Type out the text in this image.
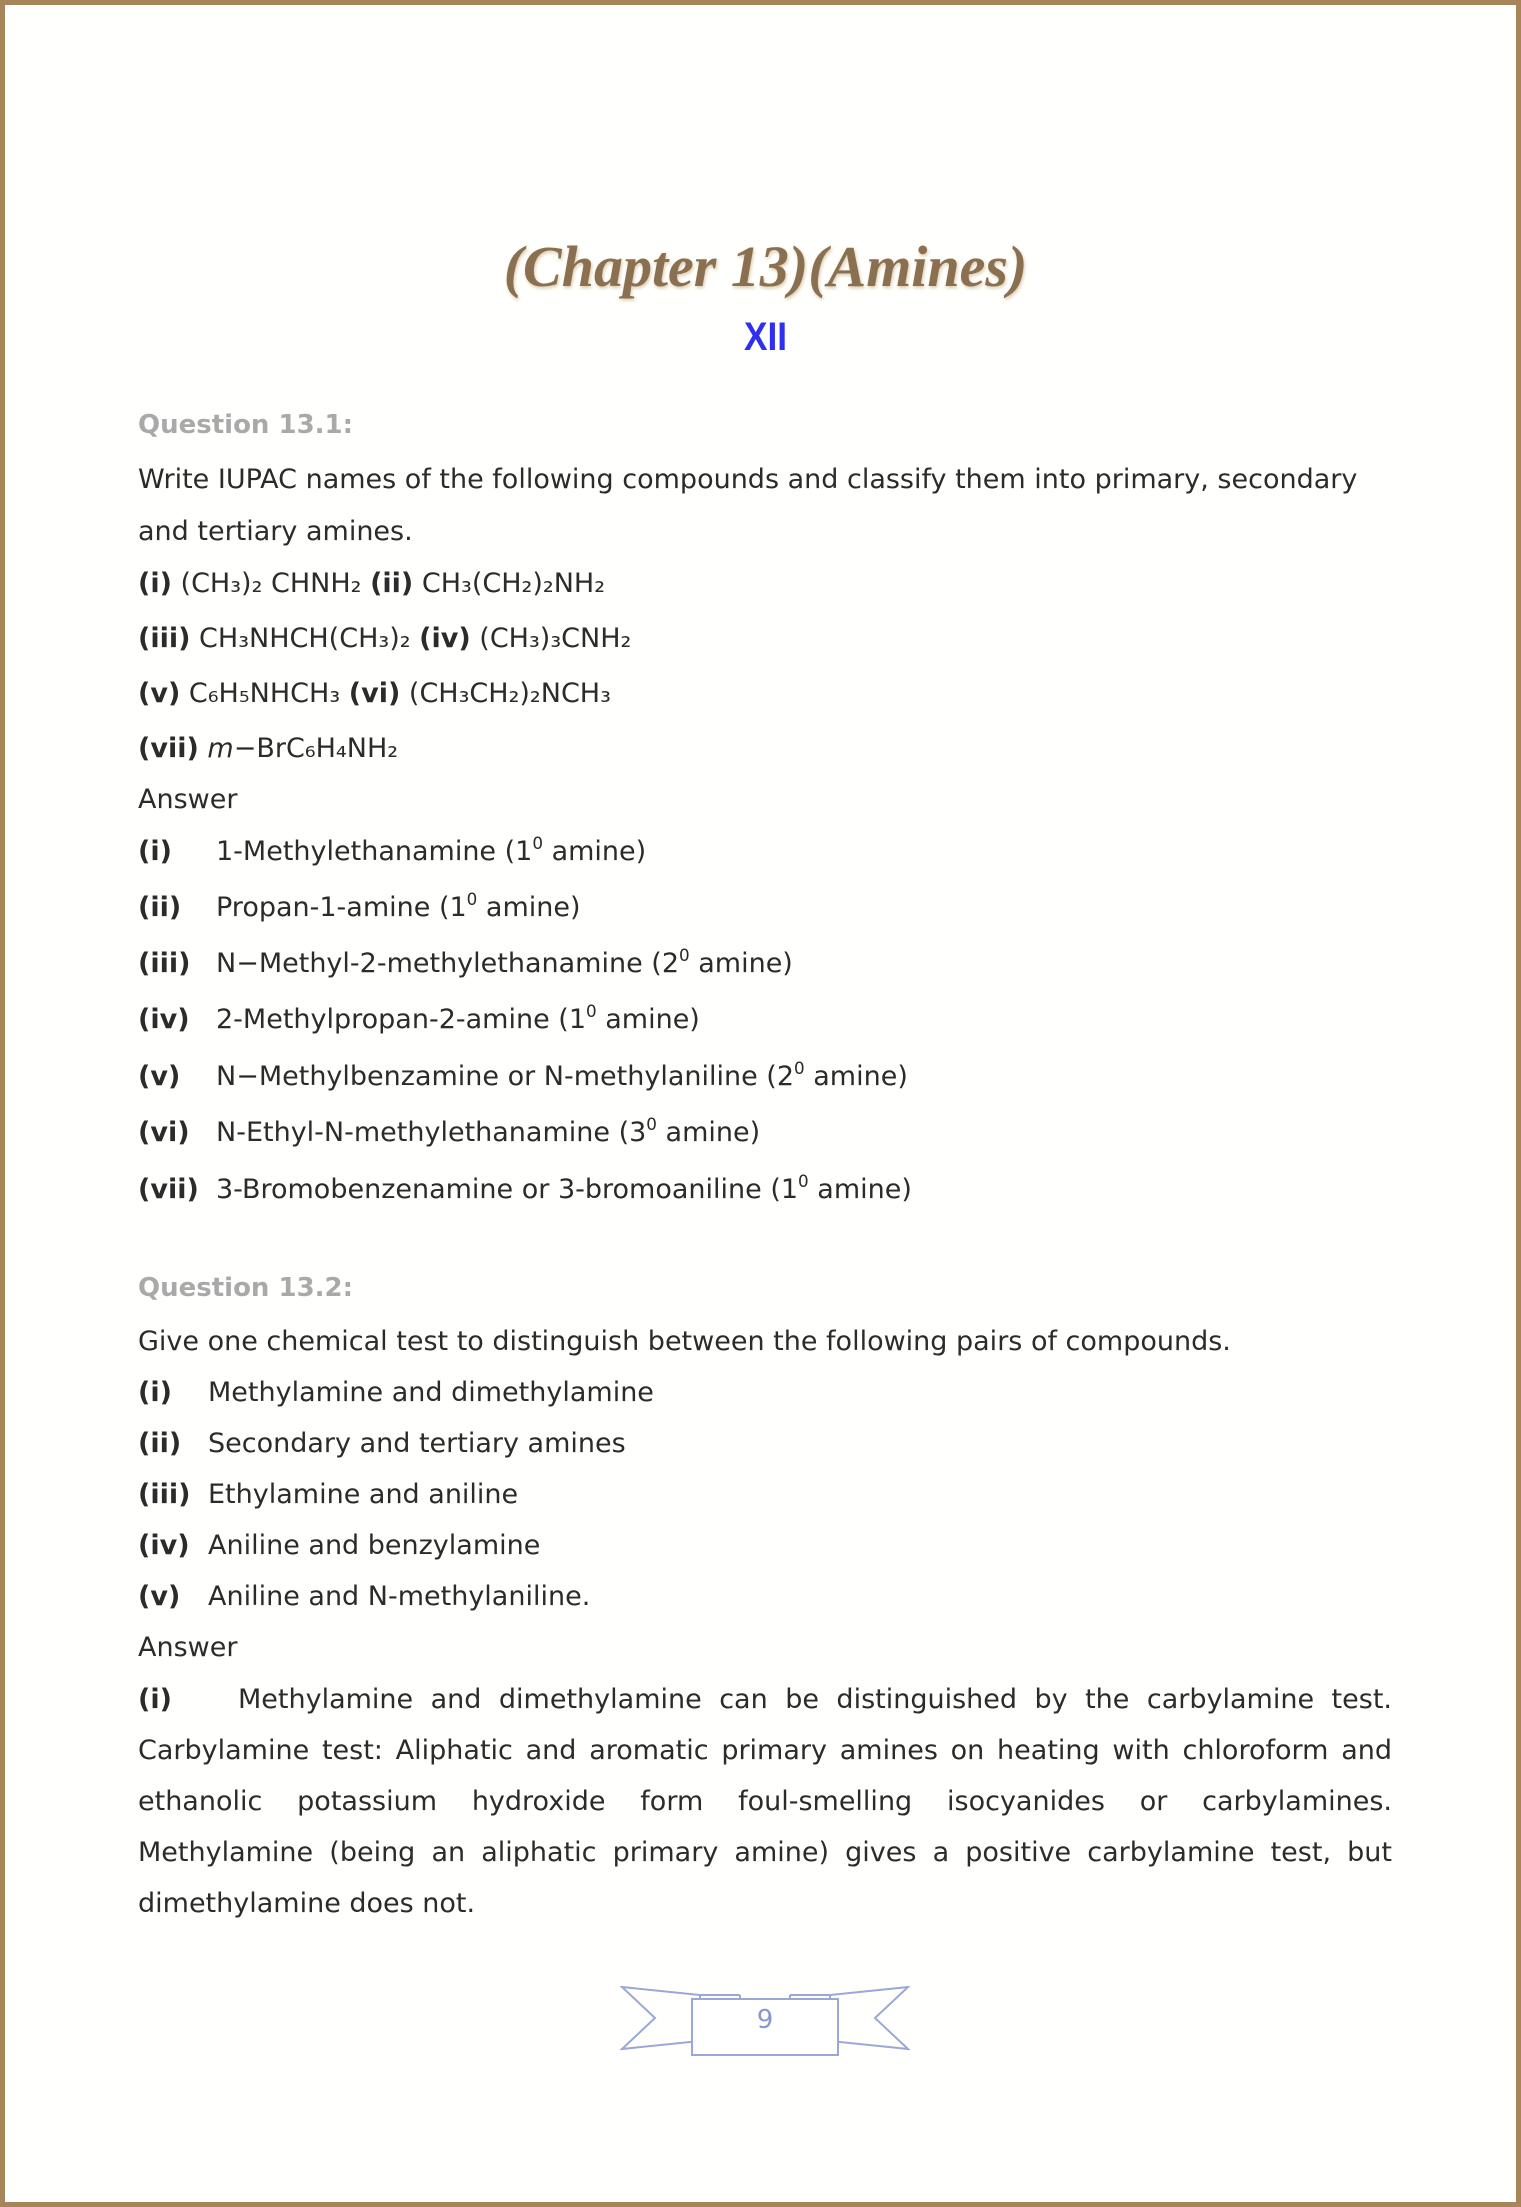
(Chapter 13)(Amines)
XII
Question 13.1:
Write IUPAC names of the following compounds and classify them into primary, secondary
and tertiary amines.
(i) (CH₃)₂ CHNH₂ (ii) CH₃(CH₂)₂NH₂
(iii) CH₃NHCH(CH₃)₂ (iv) (CH₃)₃CNH₂
(v) C₆H₅NHCH₃ (vi) (CH₃CH₂)₂NCH₃
(vii) m−BrC₆H₄NH₂
Answer
(i) 1-Methylethanamine ($1^0$ amine)
(ii) Propan-1-amine ($1^0$ amine)
(iii) N−Methyl-2-methylethanamine ($2^0$ amine)
(iv) 2-Methylpropan-2-amine ($1^0$ amine)
(v) N−Methylbenzamine or N-methylaniline ($2^0$ amine)
(vi) N-Ethyl-N-methylethanamine ($3^0$ amine)
(vii) 3-Bromobenzenamine or 3-bromoaniline ($1^0$ amine)
Question 13.2:
Give one chemical test to distinguish between the following pairs of compounds.
(i) Methylamine and dimethylamine
(ii) Secondary and tertiary amines
(iii) Ethylamine and aniline
(iv) Aniline and benzylamine
(v) Aniline and N-methylaniline.
Answer
(i) Methylamine and dimethylamine can be distinguished by the carbylamine test. Carbylamine test: Aliphatic and aromatic primary amines on heating with chloroform and ethanolic potassium hydroxide form foul-smelling isocyanides or carbylamines. Methylamine (being an aliphatic primary amine) gives a positive carbylamine test, but dimethylamine does not.
9
